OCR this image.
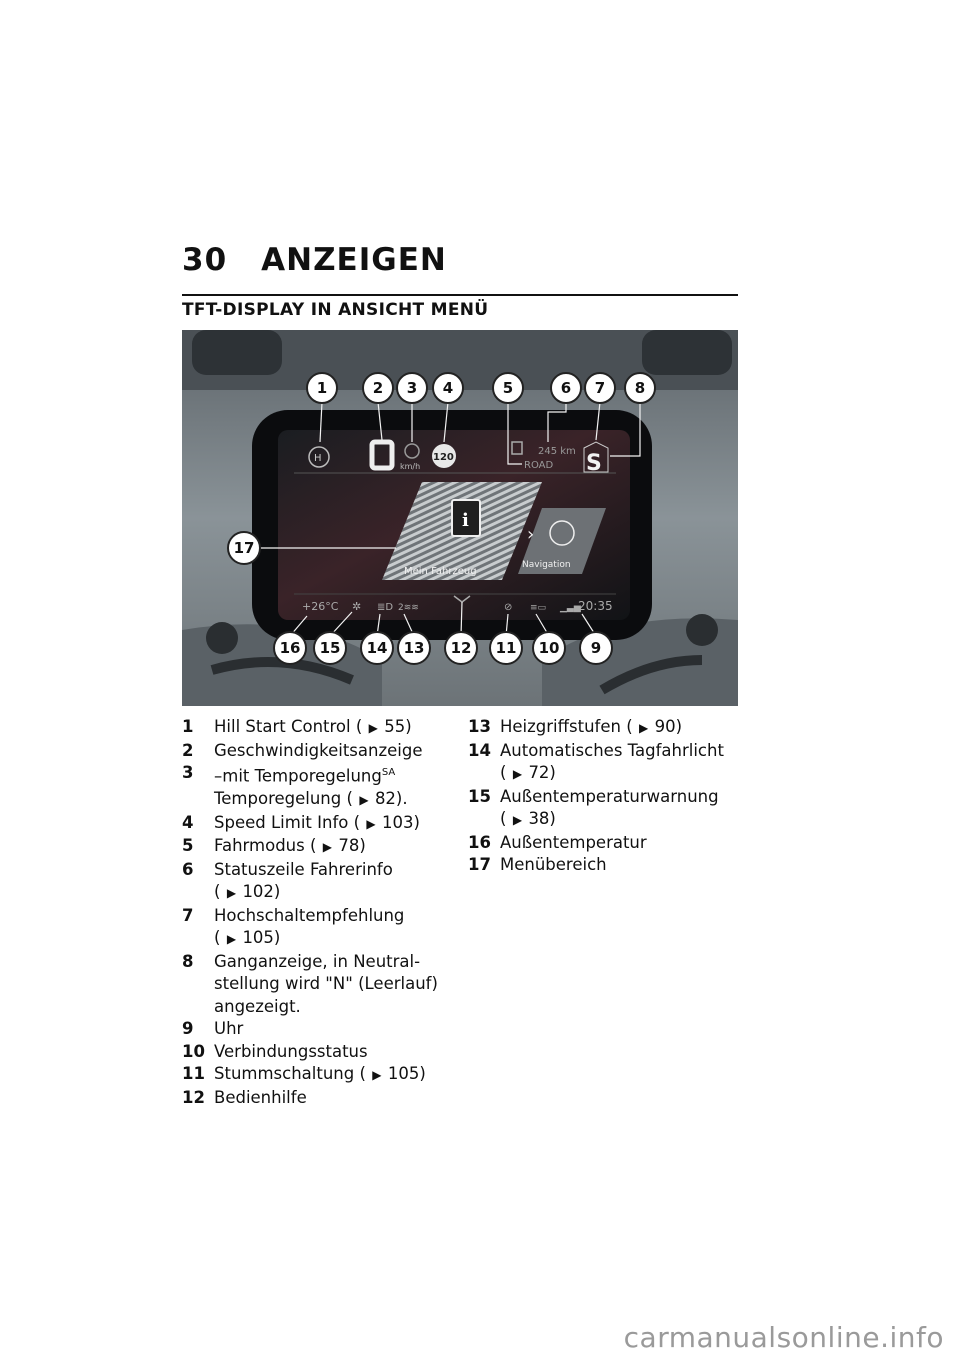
30 ANZEIGEN
TFT-DISPLAY IN ANSICHT MENÜ
H
km/h
120
245 km
ROAD S
i
Mein Fahrzeug
›
Navigation
+26°C ✲ ≣D 2≋≋	⊘ ≡▭ ▁▃▅
20:35
1	2 3 4	5	6 7 8
17
16 15 14 13 12 11 10 9
1	Hill Start Control ( ▶ 55)
2	Geschwindigkeitsanzeige
3	–mit Temporegelung$^{SA}$
Temporegelung ( ▶ 82).
4	Speed Limit Info ( ▶ 103)
5	Fahrmodus ( ▶ 78)
6	Statuszeile Fahrerinfo
( ▶ 102)
7	Hochschaltempfehlung
( ▶ 105)
8	Ganganzeige, in Neutral-stellung wird "N" (Leerlauf) angezeigt.
9	Uhr
10 Verbindungsstatus
11 Stummschaltung ( ▶ 105)
12 Bedienhilfe
13 Heizgriffstufen ( ▶ 90)
14 Automatisches Tagfahrlicht
( ▶ 72)
15 Außentemperaturwarnung
( ▶ 38)
16 Außentemperatur
17 Menübereich
carmanualsonline.info
